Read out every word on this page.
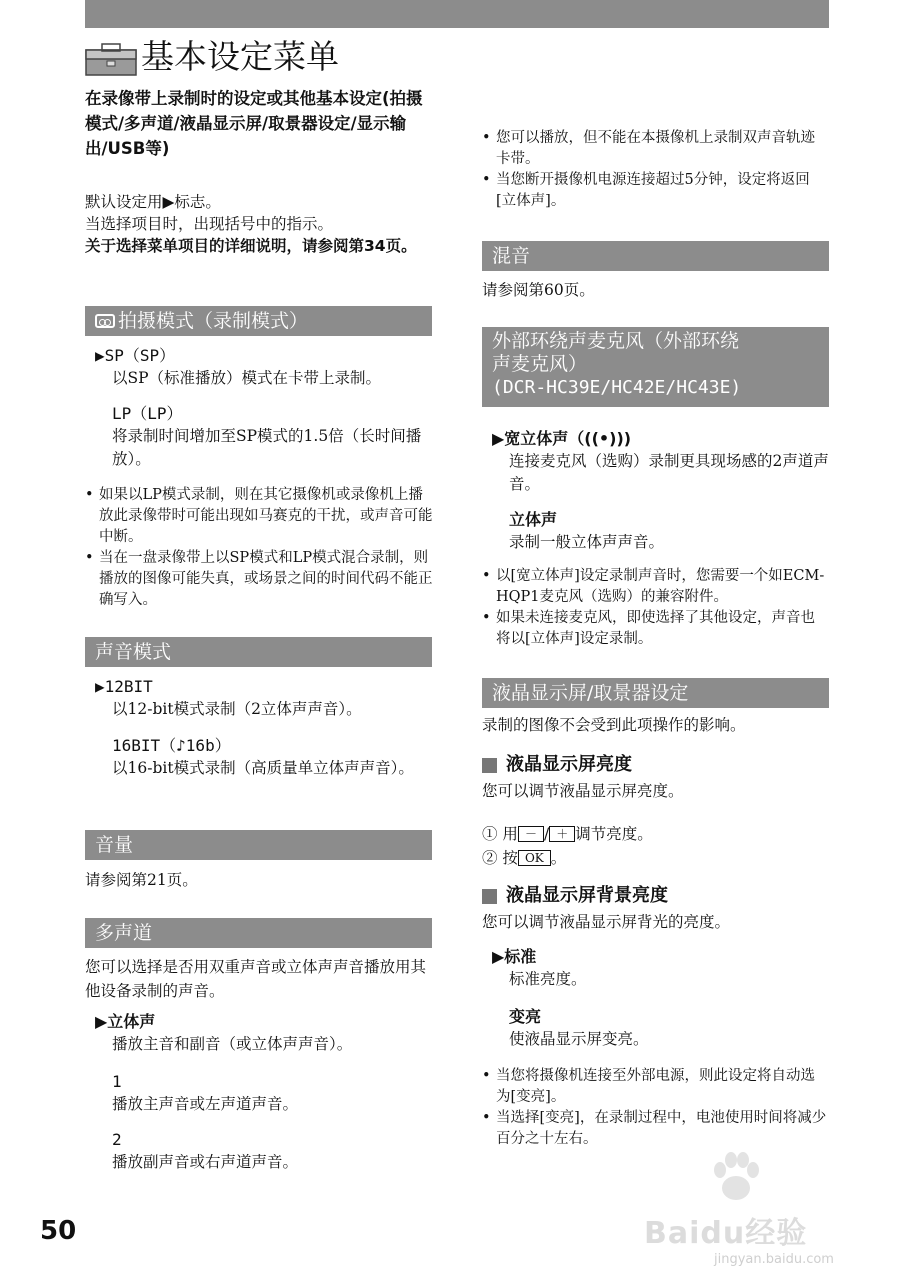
基本设定菜单
在录像带上录制时的设定或其他基本设定(拍摄模式/多声道/液晶显示屏/取景器设定/显示输出/USB等)
默认设定用▶标志。
当选择项目时，出现括号中的指示。
关于选择菜单项目的详细说明，请参阅第34页。
拍摄模式（录制模式）
▶SP（SP）
以SP（标准播放）模式在卡带上录制。
LP（LP）
将录制时间增加至SP模式的1.5倍（长时间播放）。
• 如果以LP模式录制，则在其它摄像机或录像机上播放此录像带时可能出现如马赛克的干扰，或声音可能中断。
• 当在一盘录像带上以SP模式和LP模式混合录制，则播放的图像可能失真，或场景之间的时间代码不能正确写入。
声音模式
▶12BIT
以12-bit模式录制（2立体声声音）。
16BIT（♪16b）
以16-bit模式录制（高质量单立体声声音）。
音量
请参阅第21页。
多声道
您可以选择是否用双重声音或立体声声音播放用其他设备录制的声音。
▶立体声
播放主音和副音（或立体声声音）。
1
播放主声音或左声道声音。
2
播放副声音或右声道声音。
• 您可以播放，但不能在本摄像机上录制双声音轨迹卡带。
• 当您断开摄像机电源连接超过5分钟，设定将返回[立体声]。
混音
请参阅第60页。
外部环绕声麦克风（外部环绕
声麦克风）
(DCR-HC39E/HC42E/HC43E)
▶宽立体声（((•)))
连接麦克风（选购）录制更具现场感的2声道声音。
立体声
录制一般立体声声音。
• 以[宽立体声]设定录制声音时，您需要一个如ECM-HQP1麦克风（选购）的兼容附件。
• 如果未连接麦克风，即使选择了其他设定，声音也将以[立体声]设定录制。
液晶显示屏/取景器设定
录制的图像不会受到此项操作的影响。
液晶显示屏亮度
您可以调节液晶显示屏亮度。
① 用 － / ＋ 调节亮度。
② 按 OK 。
液晶显示屏背景亮度
您可以调节液晶显示屏背光的亮度。
▶标准
标准亮度。
变亮
使液晶显示屏变亮。
• 当您将摄像机连接至外部电源，则此设定将自动选为[变亮]。
• 当选择[变亮]，在录制过程中，电池使用时间将减少百分之十左右。
50	Baidu经验
jingyan.baidu.com
